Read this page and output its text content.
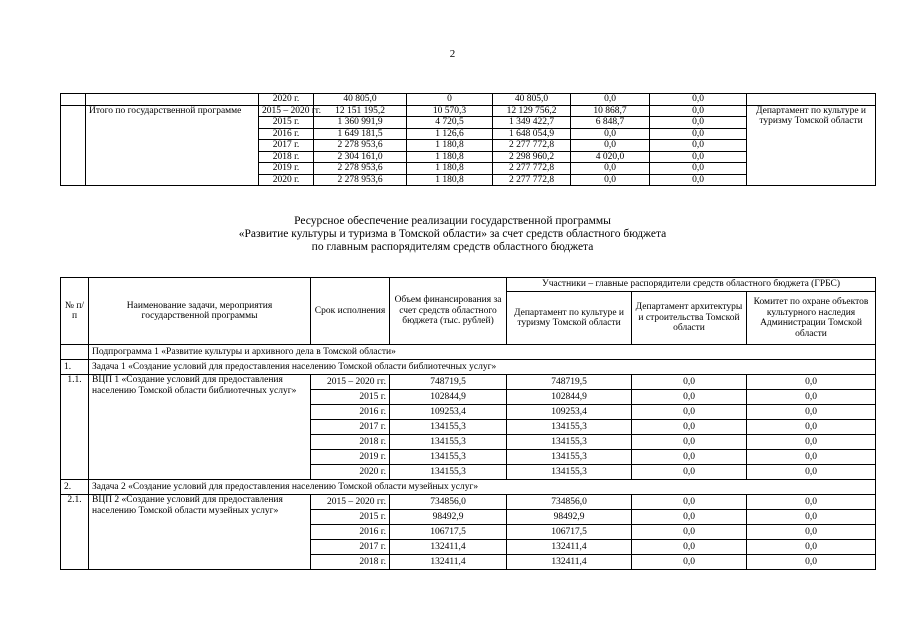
2
		2020 г.	40 805,0	0	40 805,0	0,0	0,0	
	Итого по государственной программе	2015 – 2020 гг.	12 151 195,2	10 570,3	12 129 756,2	10 868,7	0,0	Департамент по культуре и туризму Томской области
		2015 г.	1 360 991,9	4 720,5	1 349 422,7	6 848,7	0,0	
		2016 г.	1 649 181,5	1 126,6	1 648 054,9	0,0	0,0	
		2017 г.	2 278 953,6	1 180,8	2 277 772,8	0,0	0,0	
		2018 г.	2 304 161,0	1 180,8	2 298 960,2	4 020,0	0,0	
		2019 г.	2 278 953,6	1 180,8	2 277 772,8	0,0	0,0	
		2020 г.	2 278 953,6	1 180,8	2 277 772,8	0,0	0,0	
Ресурсное обеспечение реализации государственной программы
«Развитие культуры и туризма в Томской области» за счет средств областного бюджета
по главным распорядителям средств областного бюджета
№ п/п	Наименование задачи, мероприятия государственной программы	Срок исполнения	Объем финансирования за счет средств областного бюджета (тыс. рублей)	Участники – главные распорядители средств областного бюджета (ГРБС)		
				Департамент по культуре и туризму Томской области	Департамент архитектуры и строительства Томской области	Комитет по охране объектов культурного наследия Администрации Томской области
	Подпрограмма 1 «Развитие культуры и архивного дела в Томской области»					
1.	Задача 1 «Создание условий для предоставления населению Томской области библиотечных услуг»					
1.1.	ВЦП 1 «Создание условий для предоставления населению Томской области библиотечных услуг»	2015 – 2020 гг.	748719,5	748719,5	0,0	0,0
		2015 г.	102844,9	102844,9	0,0	0,0
		2016 г.	109253,4	109253,4	0,0	0,0
		2017 г.	134155,3	134155,3	0,0	0,0
		2018 г.	134155,3	134155,3	0,0	0,0
		2019 г.	134155,3	134155,3	0,0	0,0
		2020 г.	134155,3	134155,3	0,0	0,0
2.	Задача 2 «Создание условий для предоставления населению Томской области музейных услуг»					
2.1.	ВЦП 2 «Создание условий для предоставления населению Томской области музейных услуг»	2015 – 2020 гг.	734856,0	734856,0	0,0	0,0
		2015 г.	98492,9	98492,9	0,0	0,0
		2016 г.	106717,5	106717,5	0,0	0,0
		2017 г.	132411,4	132411,4	0,0	0,0
		2018 г.	132411,4	132411,4	0,0	0,0
